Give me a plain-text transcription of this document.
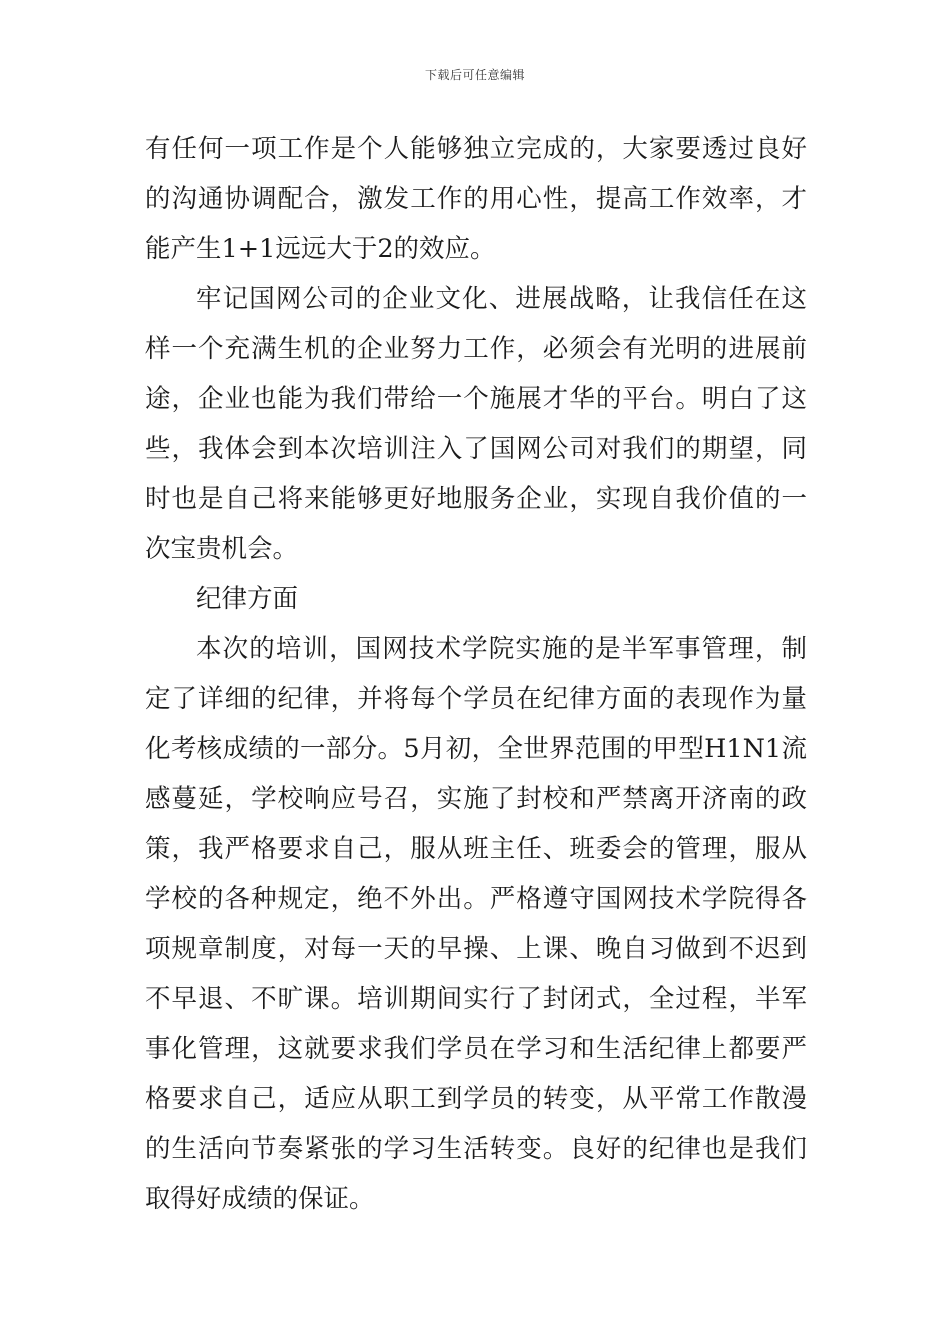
下载后可任意编辑

有任何一项工作是个人能够独立完成的，大家要透过良好的沟通协调配合，激发工作的用心性，提高工作效率，才能产生1+1远远大于2的效应。

牢记国网公司的企业文化、进展战略，让我信任在这样一个充满生机的企业努力工作，必须会有光明的进展前途，企业也能为我们带给一个施展才华的平台。明白了这些，我体会到本次培训注入了国网公司对我们的期望，同时也是自己将来能够更好地服务企业，实现自我价值的一次宝贵机会。

纪律方面

本次的培训，国网技术学院实施的是半军事管理，制定了详细的纪律，并将每个学员在纪律方面的表现作为量化考核成绩的一部分。5月初，全世界范围的甲型H1N1流感蔓延，学校响应号召，实施了封校和严禁离开济南的政策，我严格要求自己，服从班主任、班委会的管理，服从学校的各种规定，绝不外出。严格遵守国网技术学院得各项规章制度，对每一天的早操、上课、晚自习做到不迟到不早退、不旷课。培训期间实行了封闭式，全过程，半军事化管理，这就要求我们学员在学习和生活纪律上都要严格要求自己，适应从职工到学员的转变，从平常工作散漫的生活向节奏紧张的学习生活转变。良好的纪律也是我们取得好成绩的保证。
